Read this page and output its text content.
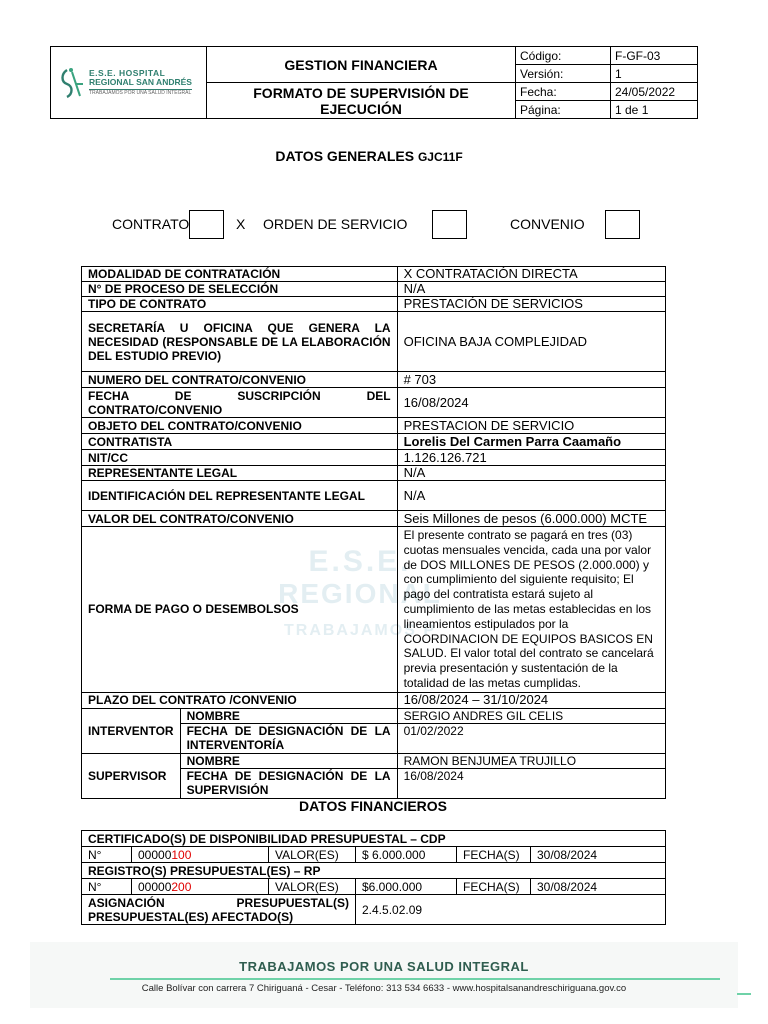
E.S.E. HOSPITAL
REGIONAL SAN ANDRÉS
TRABAJAMOS POR UNA SALUD INTEGRAL	GESTION FINANCIERA	Código:	F-GF-03
		Versión:	1
	FORMATO DE SUPERVISIÓN DE EJECUCIÓN	Fecha:	24/05/2022
		Página:	1 de 1
DATOS GENERALES GJC11F
E.S.E.
REGIONAL
TRABAJAMOS P
CONTRATO	X ORDEN DE SERVICIO	CONVENIO
MODALIDAD DE CONTRATACIÓN		X CONTRATACIÓN DIRECTA
N° DE PROCESO DE SELECCIÓN		N/A
TIPO DE CONTRATO		PRESTACIÓN DE SERVICIOS
SECRETARÍA U OFICINA QUE GENERA LA NECESIDAD (RESPONSABLE DE LA ELABORACIÓN DEL ESTUDIO PREVIO)		OFICINA BAJA COMPLEJIDAD
NUMERO DEL CONTRATO/CONVENIO		# 703
FECHA DE SUSCRIPCIÓN DEL CONTRATO/CONVENIO		16/08/2024
OBJETO DEL CONTRATO/CONVENIO		PRESTACION DE SERVICIO
CONTRATISTA		Lorelis Del Carmen Parra Caamaño
NIT/CC		1.126.126.721
REPRESENTANTE LEGAL		N/A
IDENTIFICACIÓN DEL REPRESENTANTE LEGAL		N/A
VALOR DEL CONTRATO/CONVENIO		Seis Millones de pesos (6.000.000) MCTE
FORMA DE PAGO O DESEMBOLSOS		El presente contrato se pagará en tres (03) cuotas mensuales vencida, cada una por valor de DOS MILLONES DE PESOS (2.000.000) y con cumplimiento del siguiente requisito; El pago del contratista estará sujeto al cumplimiento de las metas establecidas en los lineamientos estipulados por la COORDINACION DE EQUIPOS BASICOS EN SALUD. El valor total del contrato se cancelará previa presentación y sustentación de la totalidad de las metas cumplidas.
PLAZO DEL CONTRATO /CONVENIO		16/08/2024 – 31/10/2024
INTERVENTOR	NOMBRE	SERGIO ANDRES GIL CELIS
	FECHA DE DESIGNACIÓN DE LA INTERVENTORÍA	01/02/2022
SUPERVISOR	NOMBRE	RAMON BENJUMEA TRUJILLO
	FECHA DE DESIGNACIÓN DE LA SUPERVISIÓN	16/08/2024
DATOS FINANCIEROS
CERTIFICADO(S) DE DISPONIBILIDAD PRESUPUESTAL – CDP					
N°	00000100	VALOR(ES)	$ 6.000.000	FECHA(S)	30/08/2024
REGISTRO(S) PRESUPUESTAL(ES) – RP					
N°	00000200	VALOR(ES)	$6.000.000	FECHA(S)	30/08/2024
ASIGNACIÓN PRESUPUESTAL(S) PRESUPUESTAL(ES) AFECTADO(S)			2.4.5.02.09		
TRABAJAMOS POR UNA SALUD INTEGRAL
Calle Bolívar con carrera 7 Chiriguaná - Cesar - Teléfono: 313 534 6633 - www.hospitalsanandreschiriguana.gov.co
